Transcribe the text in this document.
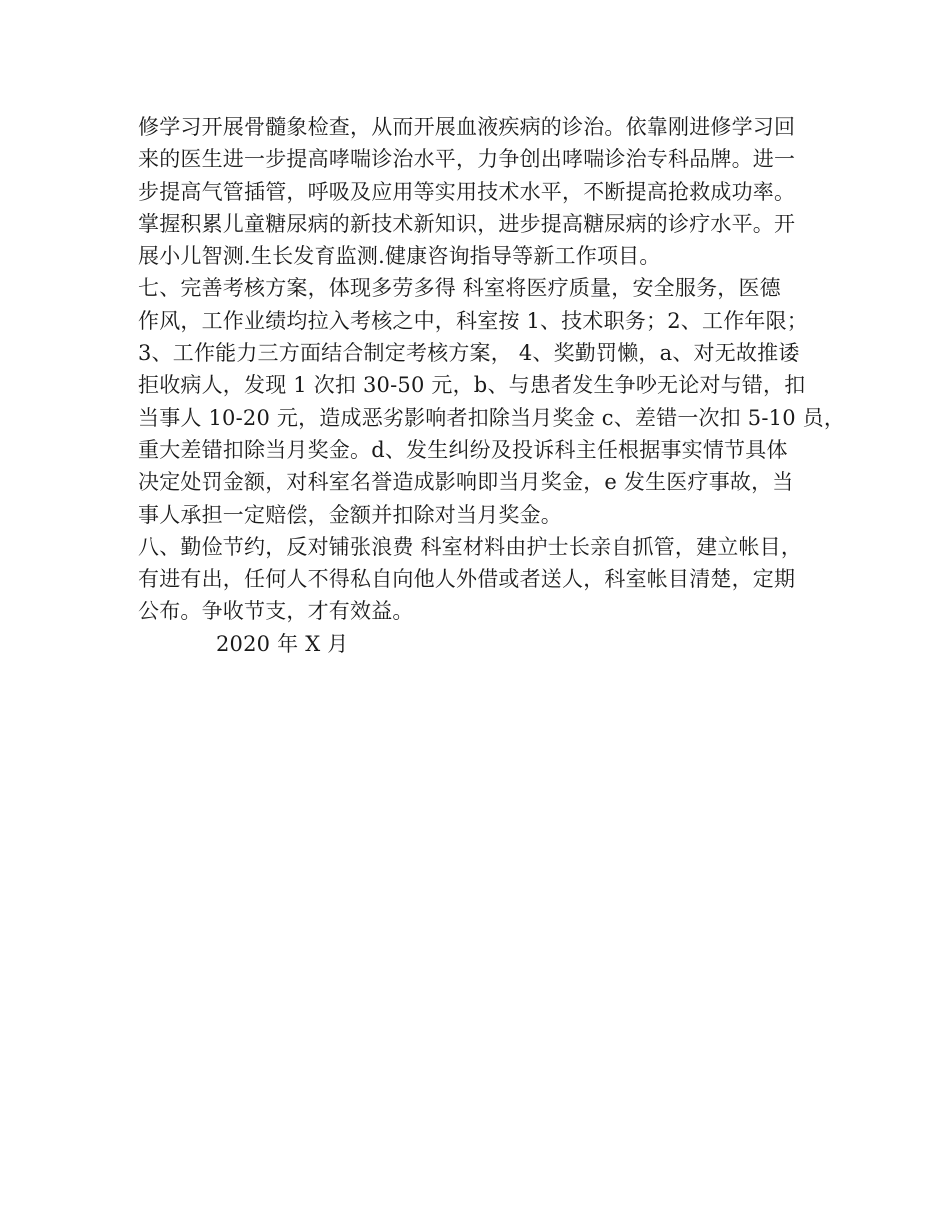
修学习开展骨髓象检查，从而开展血液疾病的诊治。依靠刚进修学习回
来的医生进一步提高哮喘诊治水平，力争创出哮喘诊治专科品牌。进一
步提高气管插管，呼吸及应用等实用技术水平，不断提高抢救成功率。
掌握积累儿童糖尿病的新技术新知识，进步提高糖尿病的诊疗水平。开
展小儿智测.生长发育监测.健康咨询指导等新工作项目。
七、完善考核方案，体现多劳多得 科室将医疗质量，安全服务，医德
作风，工作业绩均拉入考核之中，科室按 1、技术职务；2、工作年限；
3、工作能力三方面结合制定考核方案， 4、奖勤罚懒，a、对无故推诿
拒收病人，发现 1 次扣 30-50 元，b、与患者发生争吵无论对与错，扣
当事人 10-20 元，造成恶劣影响者扣除当月奖金 c、差错一次扣 5-10 员，
重大差错扣除当月奖金。d、发生纠纷及投诉科主任根据事实情节具体
决定处罚金额，对科室名誉造成影响即当月奖金，e 发生医疗事故，当
事人承担一定赔偿，金额并扣除对当月奖金。
八、勤俭节约，反对铺张浪费 科室材料由护士长亲自抓管，建立帐目，
有进有出，任何人不得私自向他人外借或者送人，科室帐目清楚，定期
公布。争收节支，才有效益。
2020 年 X 月
